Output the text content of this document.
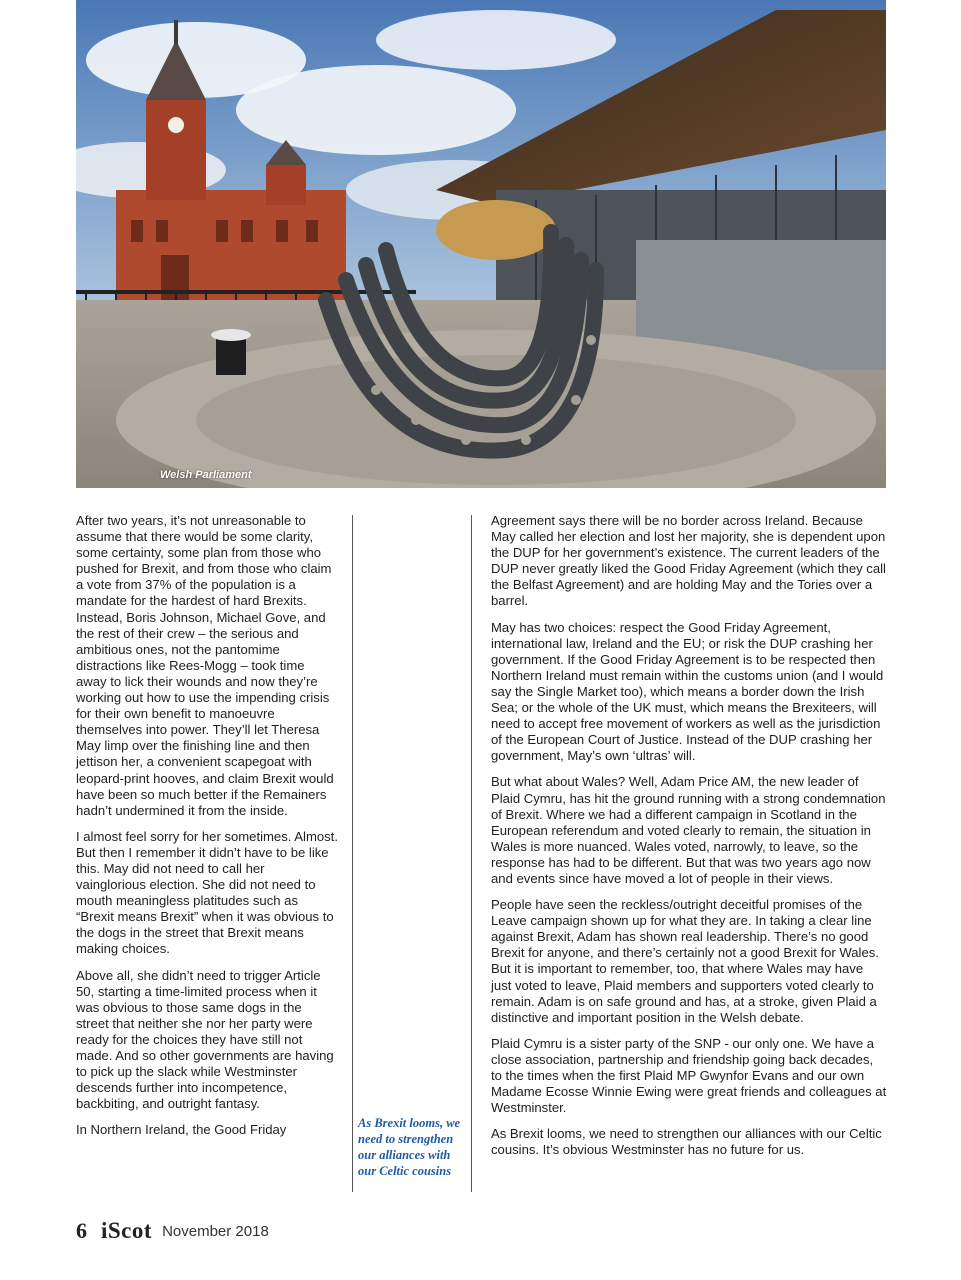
Welsh Parliament

After two years, it’s not unreasonable to assume that there would be some clarity, some certainty, some plan from those who pushed for Brexit, and from those who claim a vote from 37% of the population is a mandate for the hardest of hard Brexits. Instead, Boris Johnson, Michael Gove, and the rest of their crew – the serious and ambitious ones, not the pantomime distractions like Rees-Mogg – took time away to lick their wounds and now they’re working out how to use the impending crisis for their own benefit to manoeuvre themselves into power. They’ll let Theresa May limp over the finishing line and then jettison her, a convenient scapegoat with leopard-print hooves, and claim Brexit would have been so much better if the Remainers hadn’t undermined it from the inside.

I almost feel sorry for her sometimes. Almost. But then I remember it didn’t have to be like this. May did not need to call her vainglorious election. She did not need to mouth meaningless platitudes such as “Brexit means Brexit” when it was obvious to the dogs in the street that Brexit means making choices.

Above all, she didn’t need to trigger Article 50, starting a time-limited process when it was obvious to those same dogs in the street that neither she nor her party were ready for the choices they have still not made. And so other governments are having to pick up the slack while Westminster descends further into incompetence, backbiting, and outright fantasy.

In Northern Ireland, the Good Friday	As Brexit looms, we need to strengthen our alliances with our Celtic cousins

Agreement says there will be no border across Ireland. Because May called her election and lost her majority, she is dependent upon the DUP for her government’s existence. The current leaders of the DUP never greatly liked the Good Friday Agreement (which they call the Belfast Agreement) and are holding May and the Tories over a barrel.

May has two choices: respect the Good Friday Agreement, international law, Ireland and the EU; or risk the DUP crashing her government. If the Good Friday Agreement is to be respected then Northern Ireland must remain within the customs union (and I would say the Single Market too), which means a border down the Irish Sea; or the whole of the UK must, which means the Brexiteers, will need to accept free movement of workers as well as the jurisdiction of the European Court of Justice. Instead of the DUP crashing her government, May’s own ‘ultras’ will.

But what about Wales? Well, Adam Price AM, the new leader of Plaid Cymru, has hit the ground running with a strong condemnation of Brexit. Where we had a different campaign in Scotland in the European referendum and voted clearly to remain, the situation in Wales is more nuanced. Wales voted, narrowly, to leave, so the response has had to be different. But that was two years ago now and events since have moved a lot of people in their views.

People have seen the reckless/outright deceitful promises of the Leave campaign shown up for what they are. In taking a clear line against Brexit, Adam has shown real leadership. There’s no good Brexit for anyone, and there’s certainly not a good Brexit for Wales. But it is important to remember, too, that where Wales may have just voted to leave, Plaid members and supporters voted clearly to remain. Adam is on safe ground and has, at a stroke, given Plaid a distinctive and important position in the Welsh debate.

Plaid Cymru is a sister party of the SNP - our only one. We have a close association, partnership and friendship going back decades, to the times when the first Plaid MP Gwynfor Evans and our own Madame Ecosse Winnie Ewing were great friends and colleagues at Westminster.

As Brexit looms, we need to strengthen our alliances with our Celtic cousins. It’s obvious Westminster has no future for us.

6 iScot November 2018
